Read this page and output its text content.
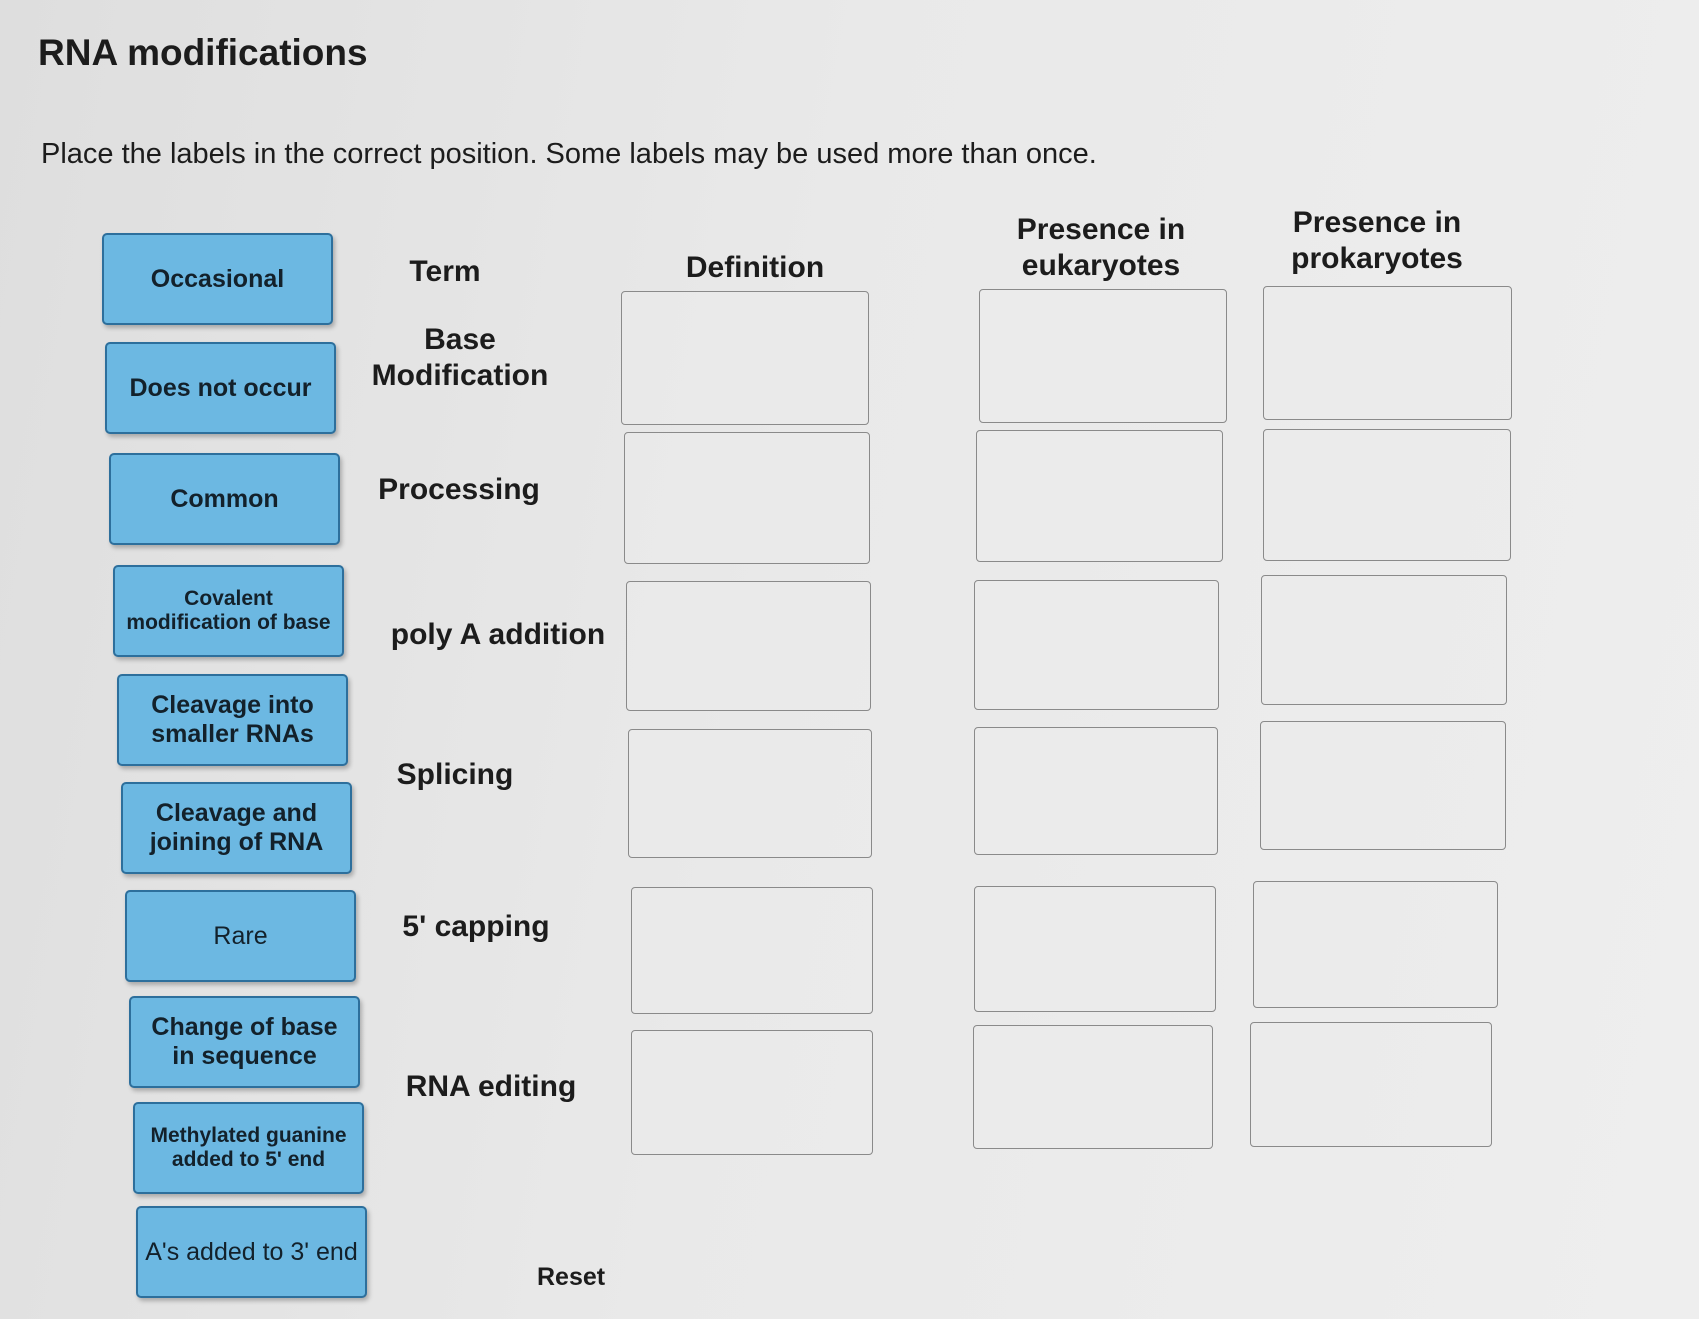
RNA modifications
Place the labels in the correct position. Some labels may be used more than once.
Occasional
Does not occur
Common
Covalent modification of base
Cleavage into smaller RNAs
Cleavage and joining of RNA
Rare
Change of base in sequence
Methylated guanine added to 5' end
A's added to 3' end
Term	Definition
Presence in eukaryotes
Presence in prokaryotes
Base Modification
Processing
poly A addition
Splicing
5' capping
RNA editing
Reset
